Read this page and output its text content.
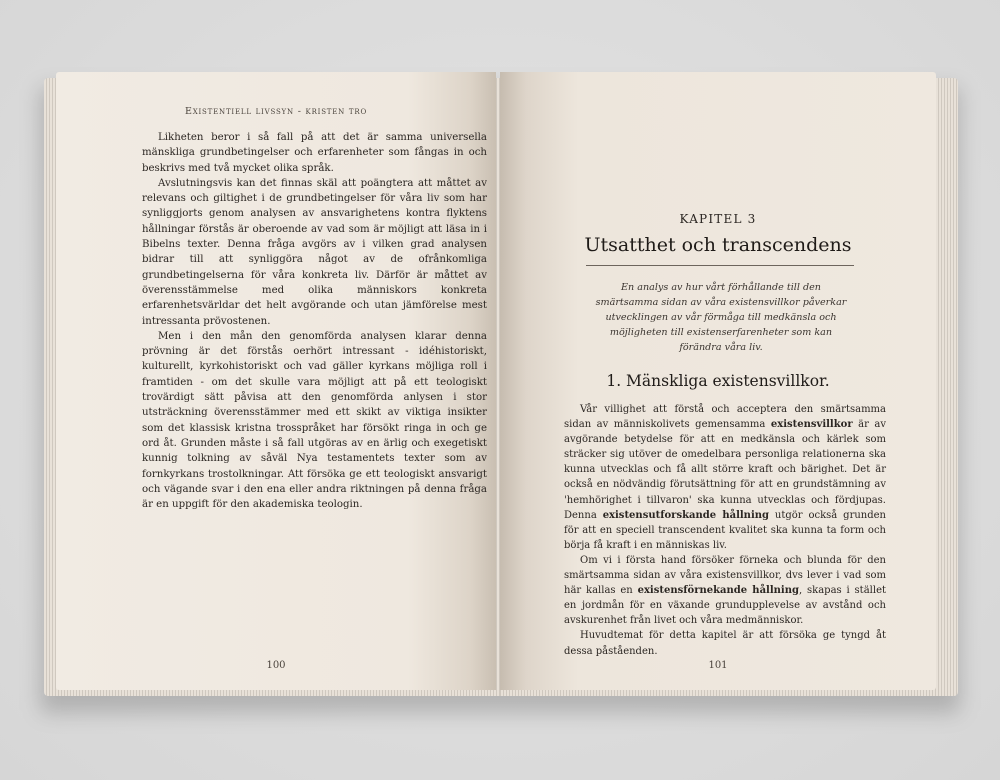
Existentiell livssyn - kristen tro

Likheten beror i så fall på att det är samma universella mänskliga grundbetingelser och erfarenheter som fångas in och beskrivs med två mycket olika språk.

Avslutningsvis kan det finnas skäl att poängtera att måttet av relevans och giltighet i de grundbetingelser för våra liv som har synliggjorts genom analysen av ansvarighetens kontra flyktens hållningar förstås är oberoende av vad som är möjligt att läsa in i Bibelns texter. Denna fråga avgörs av i vilken grad analysen bidrar till att synliggöra något av de ofrånkomliga grundbetingelserna för våra konkreta liv. Därför är måttet av överensstämmelse med olika människors konkreta erfarenhetsvärldar det helt avgörande och utan jämförelse mest intressanta prövostenen.

Men i den mån den genomförda analysen klarar denna prövning är det förstås oerhört intressant - idéhistoriskt, kulturellt, kyrkohistoriskt och vad gäller kyrkans möjliga roll i framtiden - om det skulle vara möjligt att på ett teologiskt trovärdigt sätt påvisa att den genomförda anlysen i stor utsträckning överensstämmer med ett skikt av viktiga insikter som det klassisk kristna trosspråket har försökt ringa in och ge ord åt. Grunden måste i så fall utgöras av en ärlig och exegetiskt kunnig tolkning av såväl Nya testamentets texter som av fornkyrkans trostolkningar. Att försöka ge ett teologiskt ansvarigt och vägande svar i den ena eller andra riktningen på denna fråga är en uppgift för den akademiska teologin.

100
KAPITEL 3
Utsatthet och transcendens
En analys av hur vårt förhållande till den smärtsamma sidan av våra existensvillkor påverkar utvecklingen av vår förmåga till medkänsla och möjligheten till existenserfarenheter som kan förändra våra liv.
1. Mänskliga existensvillkor.

Vår villighet att förstå och acceptera den smärtsamma sidan av människolivets gemensamma existensvillkor är av avgörande betydelse för att en medkänsla och kärlek som sträcker sig utöver de omedelbara personliga relationerna ska kunna utvecklas och få allt större kraft och bärighet. Det är också en nödvändig förutsättning för att en grundstämning av 'hemhörighet i tillvaron' ska kunna utvecklas och fördjupas. Denna existensutforskande hållning utgör också grunden för att en speciell transcendent kvalitet ska kunna ta form och börja få kraft i en människas liv.

Om vi i första hand försöker förneka och blunda för den smärtsamma sidan av våra existensvillkor, dvs lever i vad som här kallas en existensförnekande hållning, skapas i stället en jordmån för en växande grundupplevelse av avstånd och avskurenhet från livet och våra medmänniskor.

Huvudtemat för detta kapitel är att försöka ge tyngd åt dessa påståenden.

101
